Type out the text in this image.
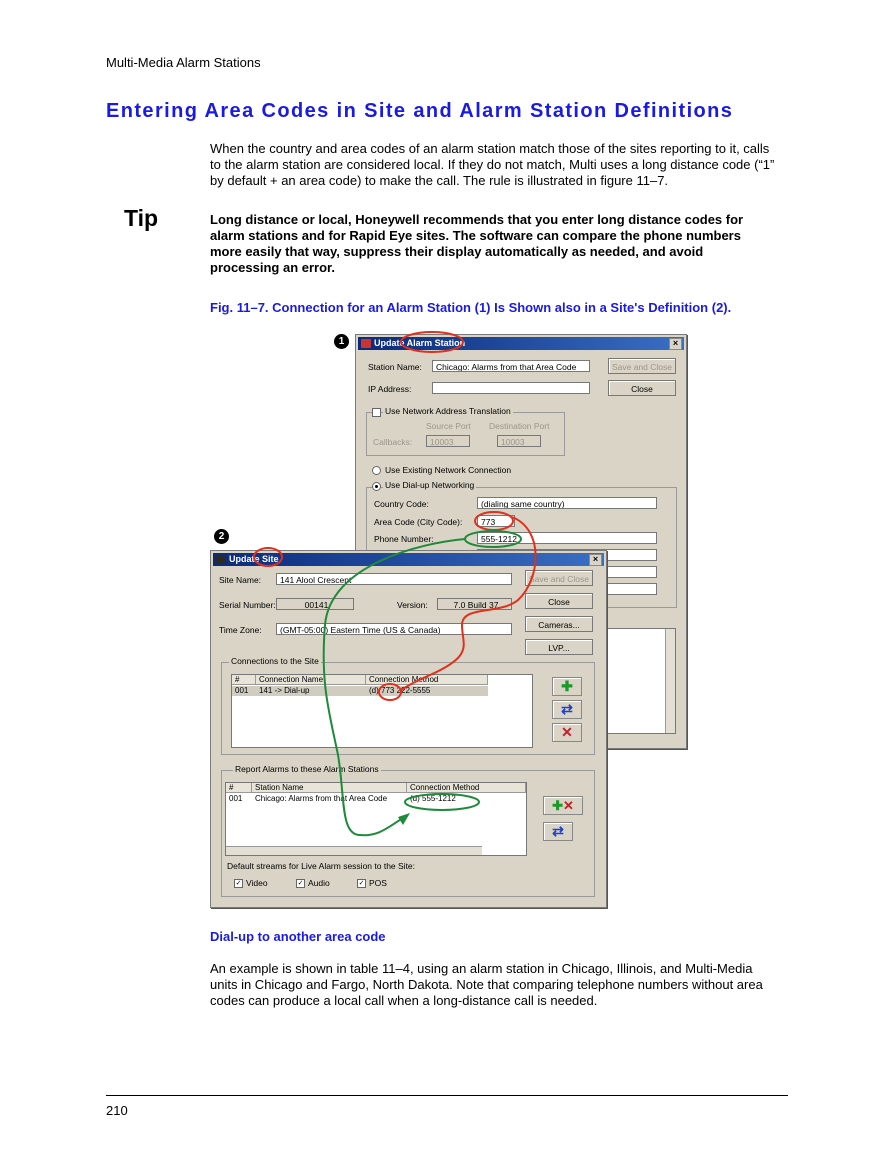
Multi-Media Alarm Stations
Entering Area Codes in Site and Alarm Station Definitions
When the country and area codes of an alarm station match those of the sites reporting to it, calls to the alarm station are considered local. If they do not match, Multi uses a long distance code (“1” by default + an area code) to make the call. The rule is illustrated in figure 11–7.
Tip	Long distance or local, Honeywell recommends that you enter long distance codes for alarm stations and for Rapid Eye sites. The software can compare the phone numbers more easily that way, suppress their display automatically as needed, and avoid processing an error.
Fig. 11–7. Connection for an Alarm Station (1) Is Shown also in a Site's Definition (2).
1
2
Update Alarm Station	×
Station Name:	Chicago: Alarms from that Area Code	Save and Close
IP Address:	Close
Use Network Address Translation
Source Port Destination Port
Callbacks:	10003	10003
Use Existing Network Connection
Use Dial-up Networking
Country Code:	(dialing same country)
Area Code (City Code):	773
Phone Number:	555-1212
Update Site	×
Site Name:	141 Alool Crescent	Save and Close
Serial Number:	00141	Version:	7.0 Build 37	Close
Time Zone:	(GMT-05:00) Eastern Time (US & Canada)	Cameras...
LVP...
Connections to the Site
#	Connection Name	Connection Method
001 141 -> Dial-up	(d) 773 222-5555	✚
⇄
✕
Report Alarms to these Alarm Stations
#	Station Name	Connection Method
001 Chicago: Alarms from that Area Code	(d) 555-1212	✚✕
⇄
Default streams for Live Alarm session to the Site:
✓ Video	✓ Audio	✓ POS
Dial-up to another area code
An example is shown in table 11–4, using an alarm station in Chicago, Illinois, and Multi-Media units in Chicago and Fargo, North Dakota. Note that comparing telephone numbers without area codes can produce a local call when a long-distance call is needed.
210
